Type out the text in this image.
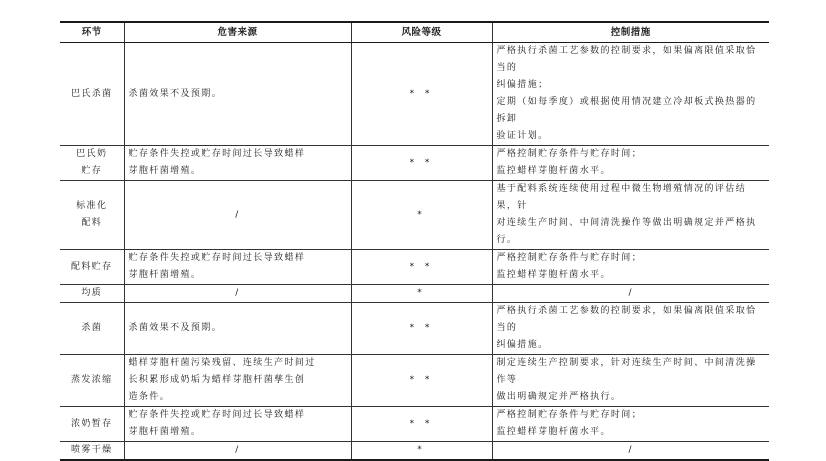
环节	危害来源	风险等级	控制措施

巴氏杀菌	杀菌效果不及预期。	* *	严格执行杀菌工艺参数的控制要求，如果偏离限值采取恰当的
纠偏措施；
定期（如每季度）或根据使用情况建立冷却板式换热器的拆卸
验证计划。

巴氏奶
贮存	贮存条件失控或贮存时间过长导致蜡样
芽胞杆菌增殖。	* *	严格控制贮存条件与贮存时间；
监控蜡样芽胞杆菌水平。

标准化
配料	/	*	基于配料系统连续使用过程中微生物增殖情况的评估结果，针
对连续生产时间、中间清洗操作等做出明确规定并严格执行。

配料贮存	贮存条件失控或贮存时间过长导致蜡样
芽胞杆菌增殖。	* *	严格控制贮存条件与贮存时间；
监控蜡样芽胞杆菌水平。

均质	/	*	/

杀菌	杀菌效果不及预期。	* *	严格执行杀菌工艺参数的控制要求，如果偏离限值采取恰当的
纠偏措施。

蒸发浓缩	蜡样芽胞杆菌污染残留、连续生产时间过
长积累形成奶垢为蜡样芽胞杆菌孳生创
造条件。	* *	制定连续生产控制要求，针对连续生产时间、中间清洗操作等
做出明确规定并严格执行。

浓奶暂存	贮存条件失控或贮存时间过长导致蜡样
芽胞杆菌增殖。	* *	严格控制贮存条件与贮存时间；
监控蜡样芽胞杆菌水平。

喷雾干燥	/	*	/
